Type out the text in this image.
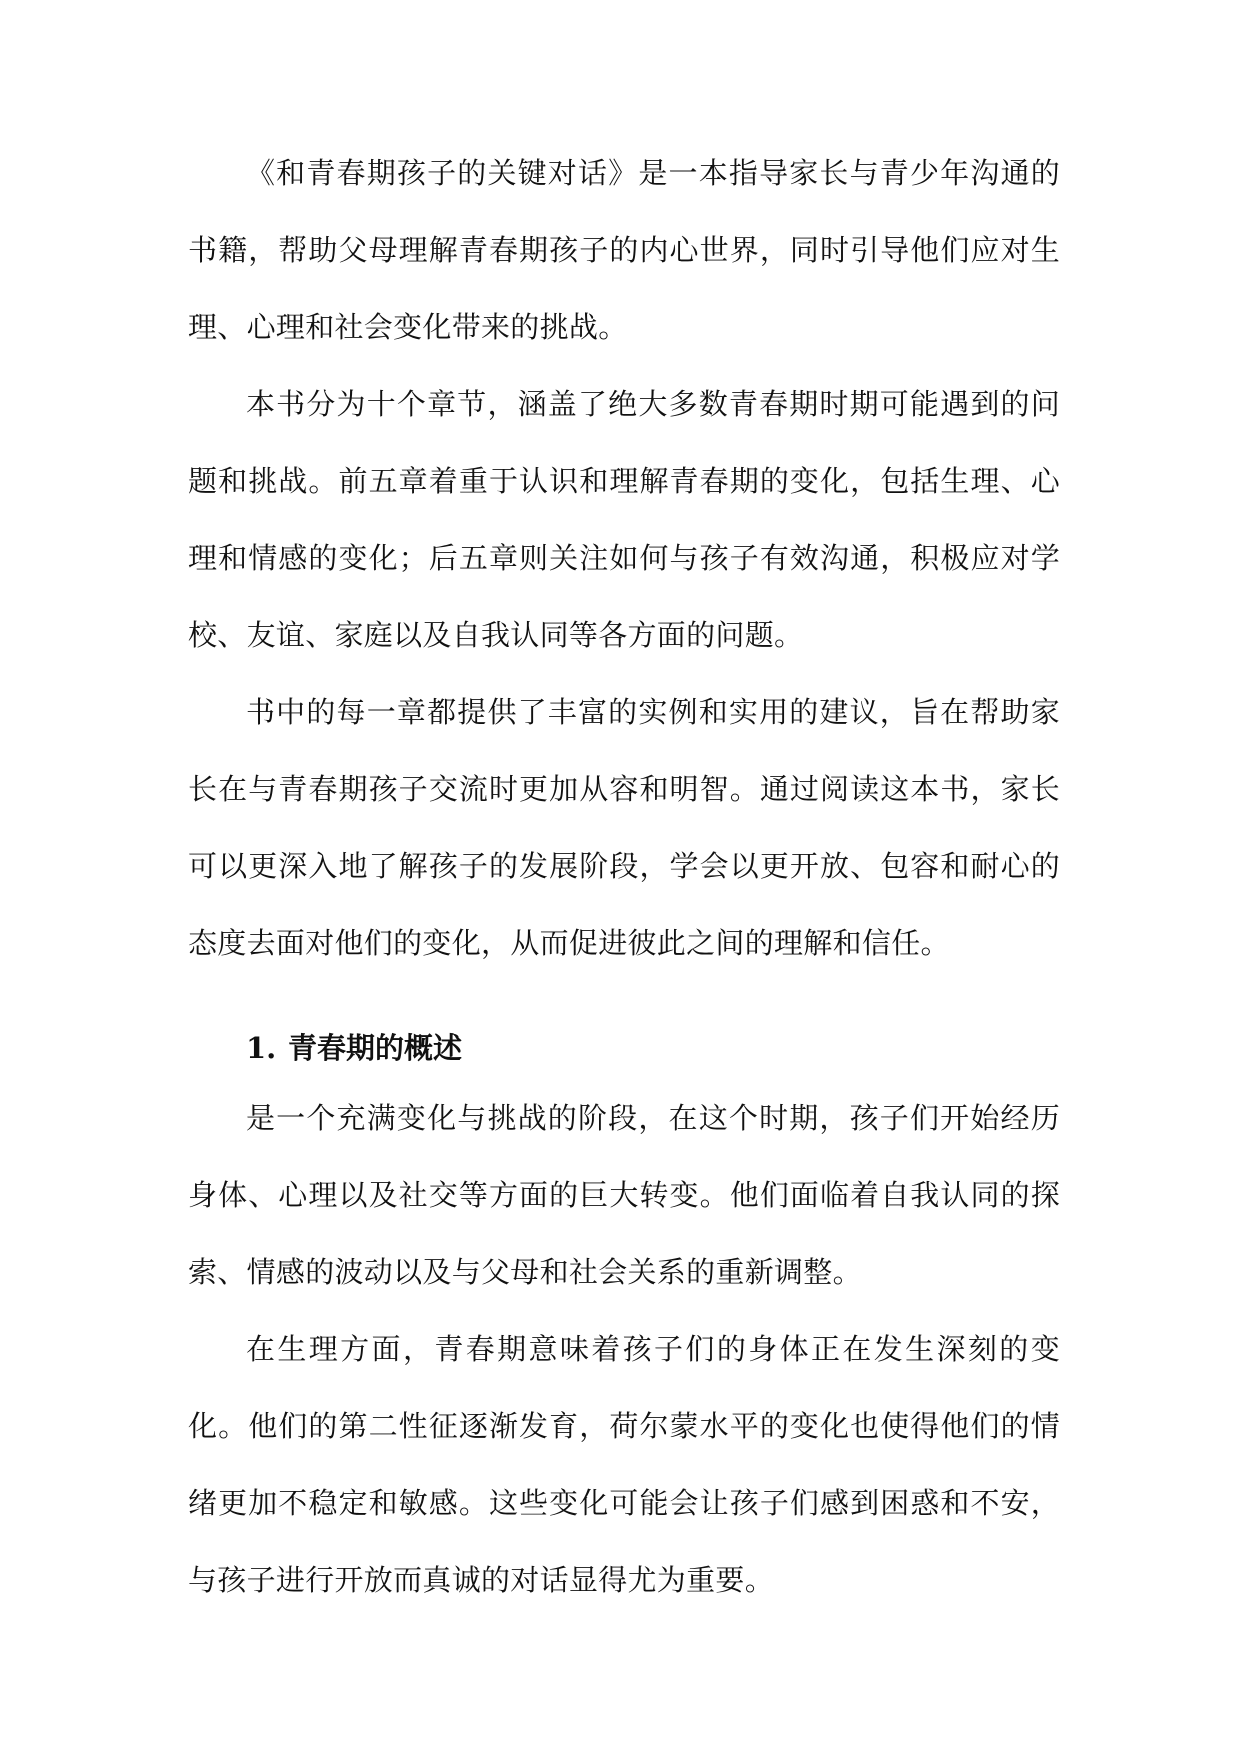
《和青春期孩子的关键对话》是一本指导家长与青少年沟通的书籍，帮助父母理解青春期孩子的内心世界，同时引导他们应对生理、心理和社会变化带来的挑战。

本书分为十个章节，涵盖了绝大多数青春期时期可能遇到的问题和挑战。前五章着重于认识和理解青春期的变化，包括生理、心理和情感的变化；后五章则关注如何与孩子有效沟通，积极应对学校、友谊、家庭以及自我认同等各方面的问题。

书中的每一章都提供了丰富的实例和实用的建议，旨在帮助家长在与青春期孩子交流时更加从容和明智。通过阅读这本书，家长可以更深入地了解孩子的发展阶段，学会以更开放、包容和耐心的态度去面对他们的变化，从而促进彼此之间的理解和信任。

1. 青春期的概述

是一个充满变化与挑战的阶段，在这个时期，孩子们开始经历身体、心理以及社交等方面的巨大转变。他们面临着自我认同的探索、情感的波动以及与父母和社会关系的重新调整。

在生理方面，青春期意味着孩子们的身体正在发生深刻的变化。他们的第二性征逐渐发育，荷尔蒙水平的变化也使得他们的情绪更加不稳定和敏感。这些变化可能会让孩子们感到困惑和不安，与孩子进行开放而真诚的对话显得尤为重要。
